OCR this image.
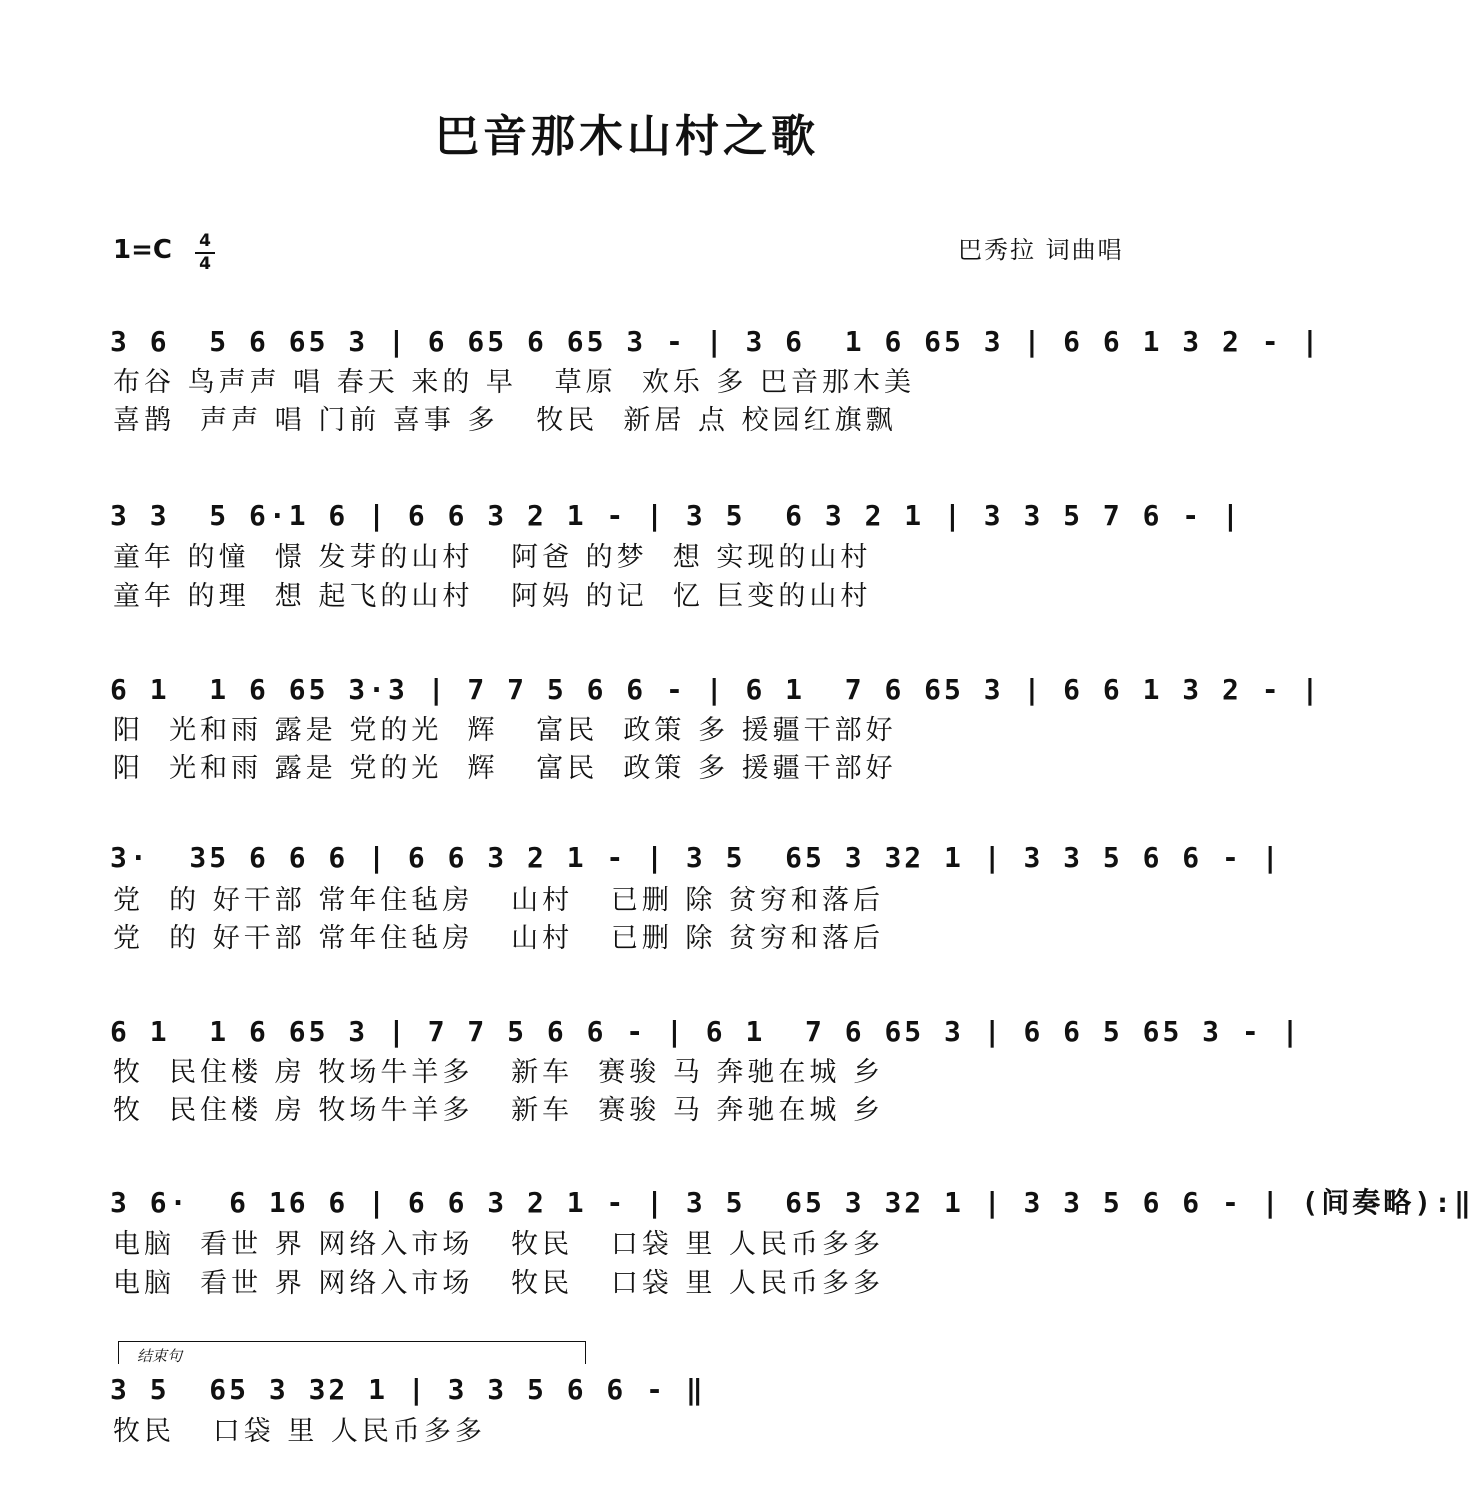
巴音那木山村之歌
1=C 4
4	巴秀拉 词曲唱
3 6  5 6 65 3 | 6 65 6 65 3 - | 3 6  1 6 65 3 | 6 6 1 3 2 - |
布谷 鸟声声 唱 春天 来的 早   草原  欢乐 多 巴音那木美
喜鹊  声声 唱 门前 喜事 多   牧民  新居 点 校园红旗飘
3 3  5 6·1 6 | 6 6 3 2 1 - | 3 5  6 3 2 1 | 3 3 5 7 6 - |
童年 的憧  憬 发芽的山村   阿爸 的梦  想 实现的山村
童年 的理  想 起飞的山村   阿妈 的记  忆 巨变的山村
6 1  1 6 65 3·3 | 7 7 5 6 6 - | 6 1  7 6 65 3 | 6 6 1 3 2 - |
阳  光和雨 露是 党的光  辉   富民  政策 多 援疆干部好
阳  光和雨 露是 党的光  辉   富民  政策 多 援疆干部好
3·  35 6 6 6 | 6 6 3 2 1 - | 3 5  65 3 32 1 | 3 3 5 6 6 - |
党  的 好干部 常年住毡房   山村   已删 除 贫穷和落后
党  的 好干部 常年住毡房   山村   已删 除 贫穷和落后
6 1  1 6 65 3 | 7 7 5 6 6 - | 6 1  7 6 65 3 | 6 6 5 65 3 - |
牧  民住楼 房 牧场牛羊多   新车  赛骏 马 奔驰在城 乡
牧  民住楼 房 牧场牛羊多   新车  赛骏 马 奔驰在城 乡
3 6·  6 16 6 | 6 6 3 2 1 - | 3 5  65 3 32 1 | 3 3 5 6 6 - | (间奏略):‖
电脑  看世 界 网络入市场   牧民   口袋 里 人民币多多
电脑  看世 界 网络入市场   牧民   口袋 里 人民币多多
结束句
3 5  65 3 32 1 | 3 3 5 6 6 - ‖
牧民   口袋 里 人民币多多
